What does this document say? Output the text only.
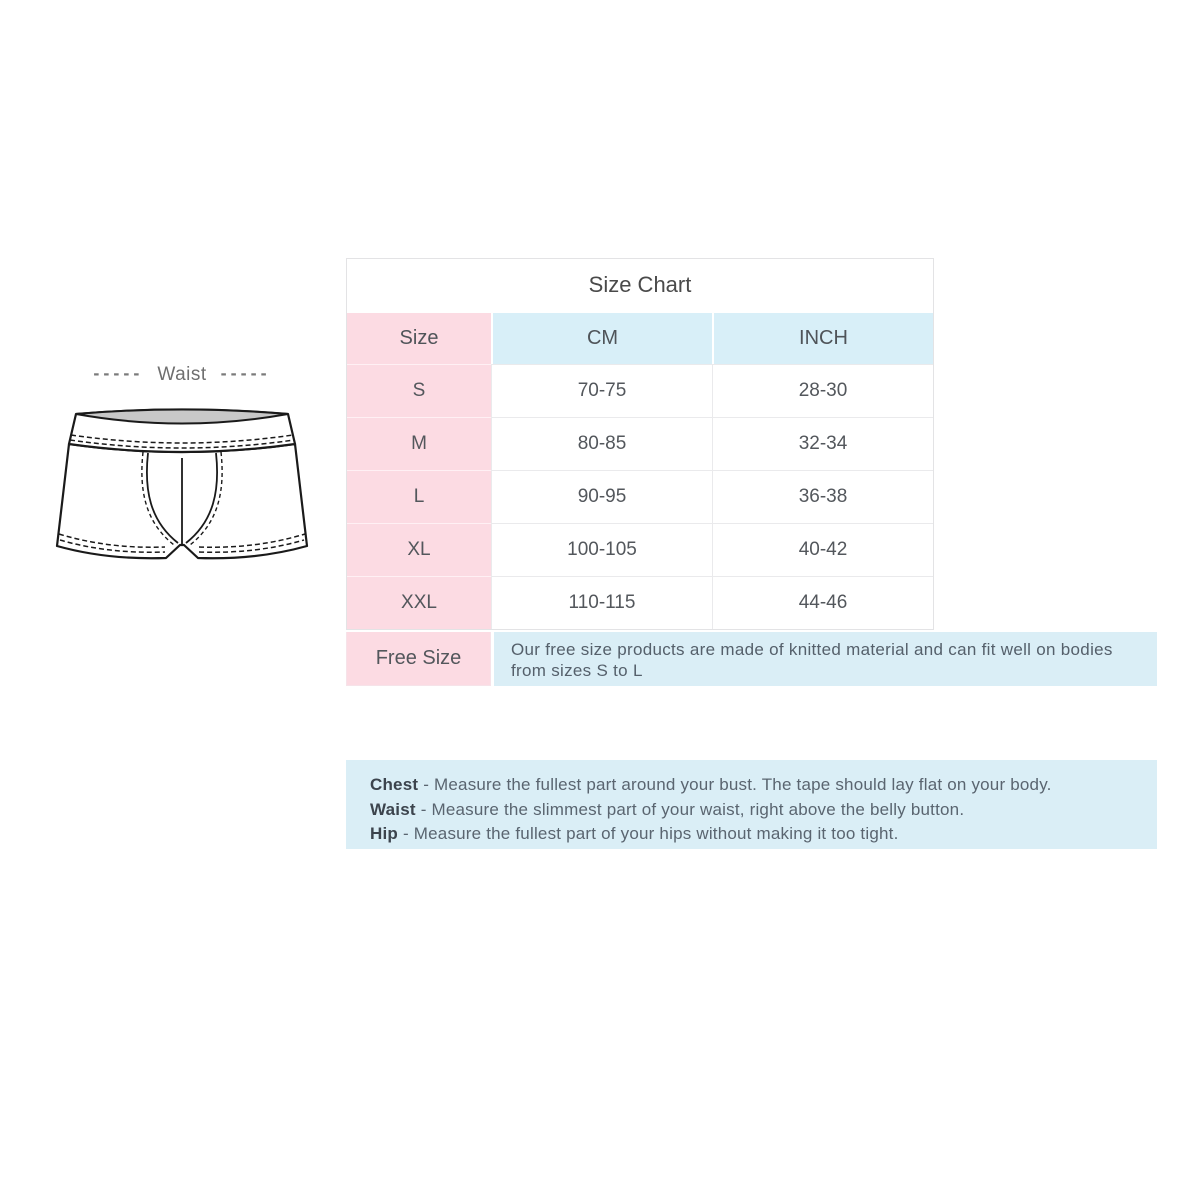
----- Waist -----
Size Chart
Size	CM	INCH
S	70-75	28-30
M	80-85	32-34
L	90-95	36-38
XL	100-105	40-42
XXL	110-115	44-46
Free Size	Our free size products are made of knitted material and can fit well on bodies from sizes S to L
Chest - Measure the fullest part around your bust. The tape should lay flat on your body.
Waist - Measure the slimmest part of your waist, right above the belly button.
Hip - Measure the fullest part of your hips without making it too tight.
